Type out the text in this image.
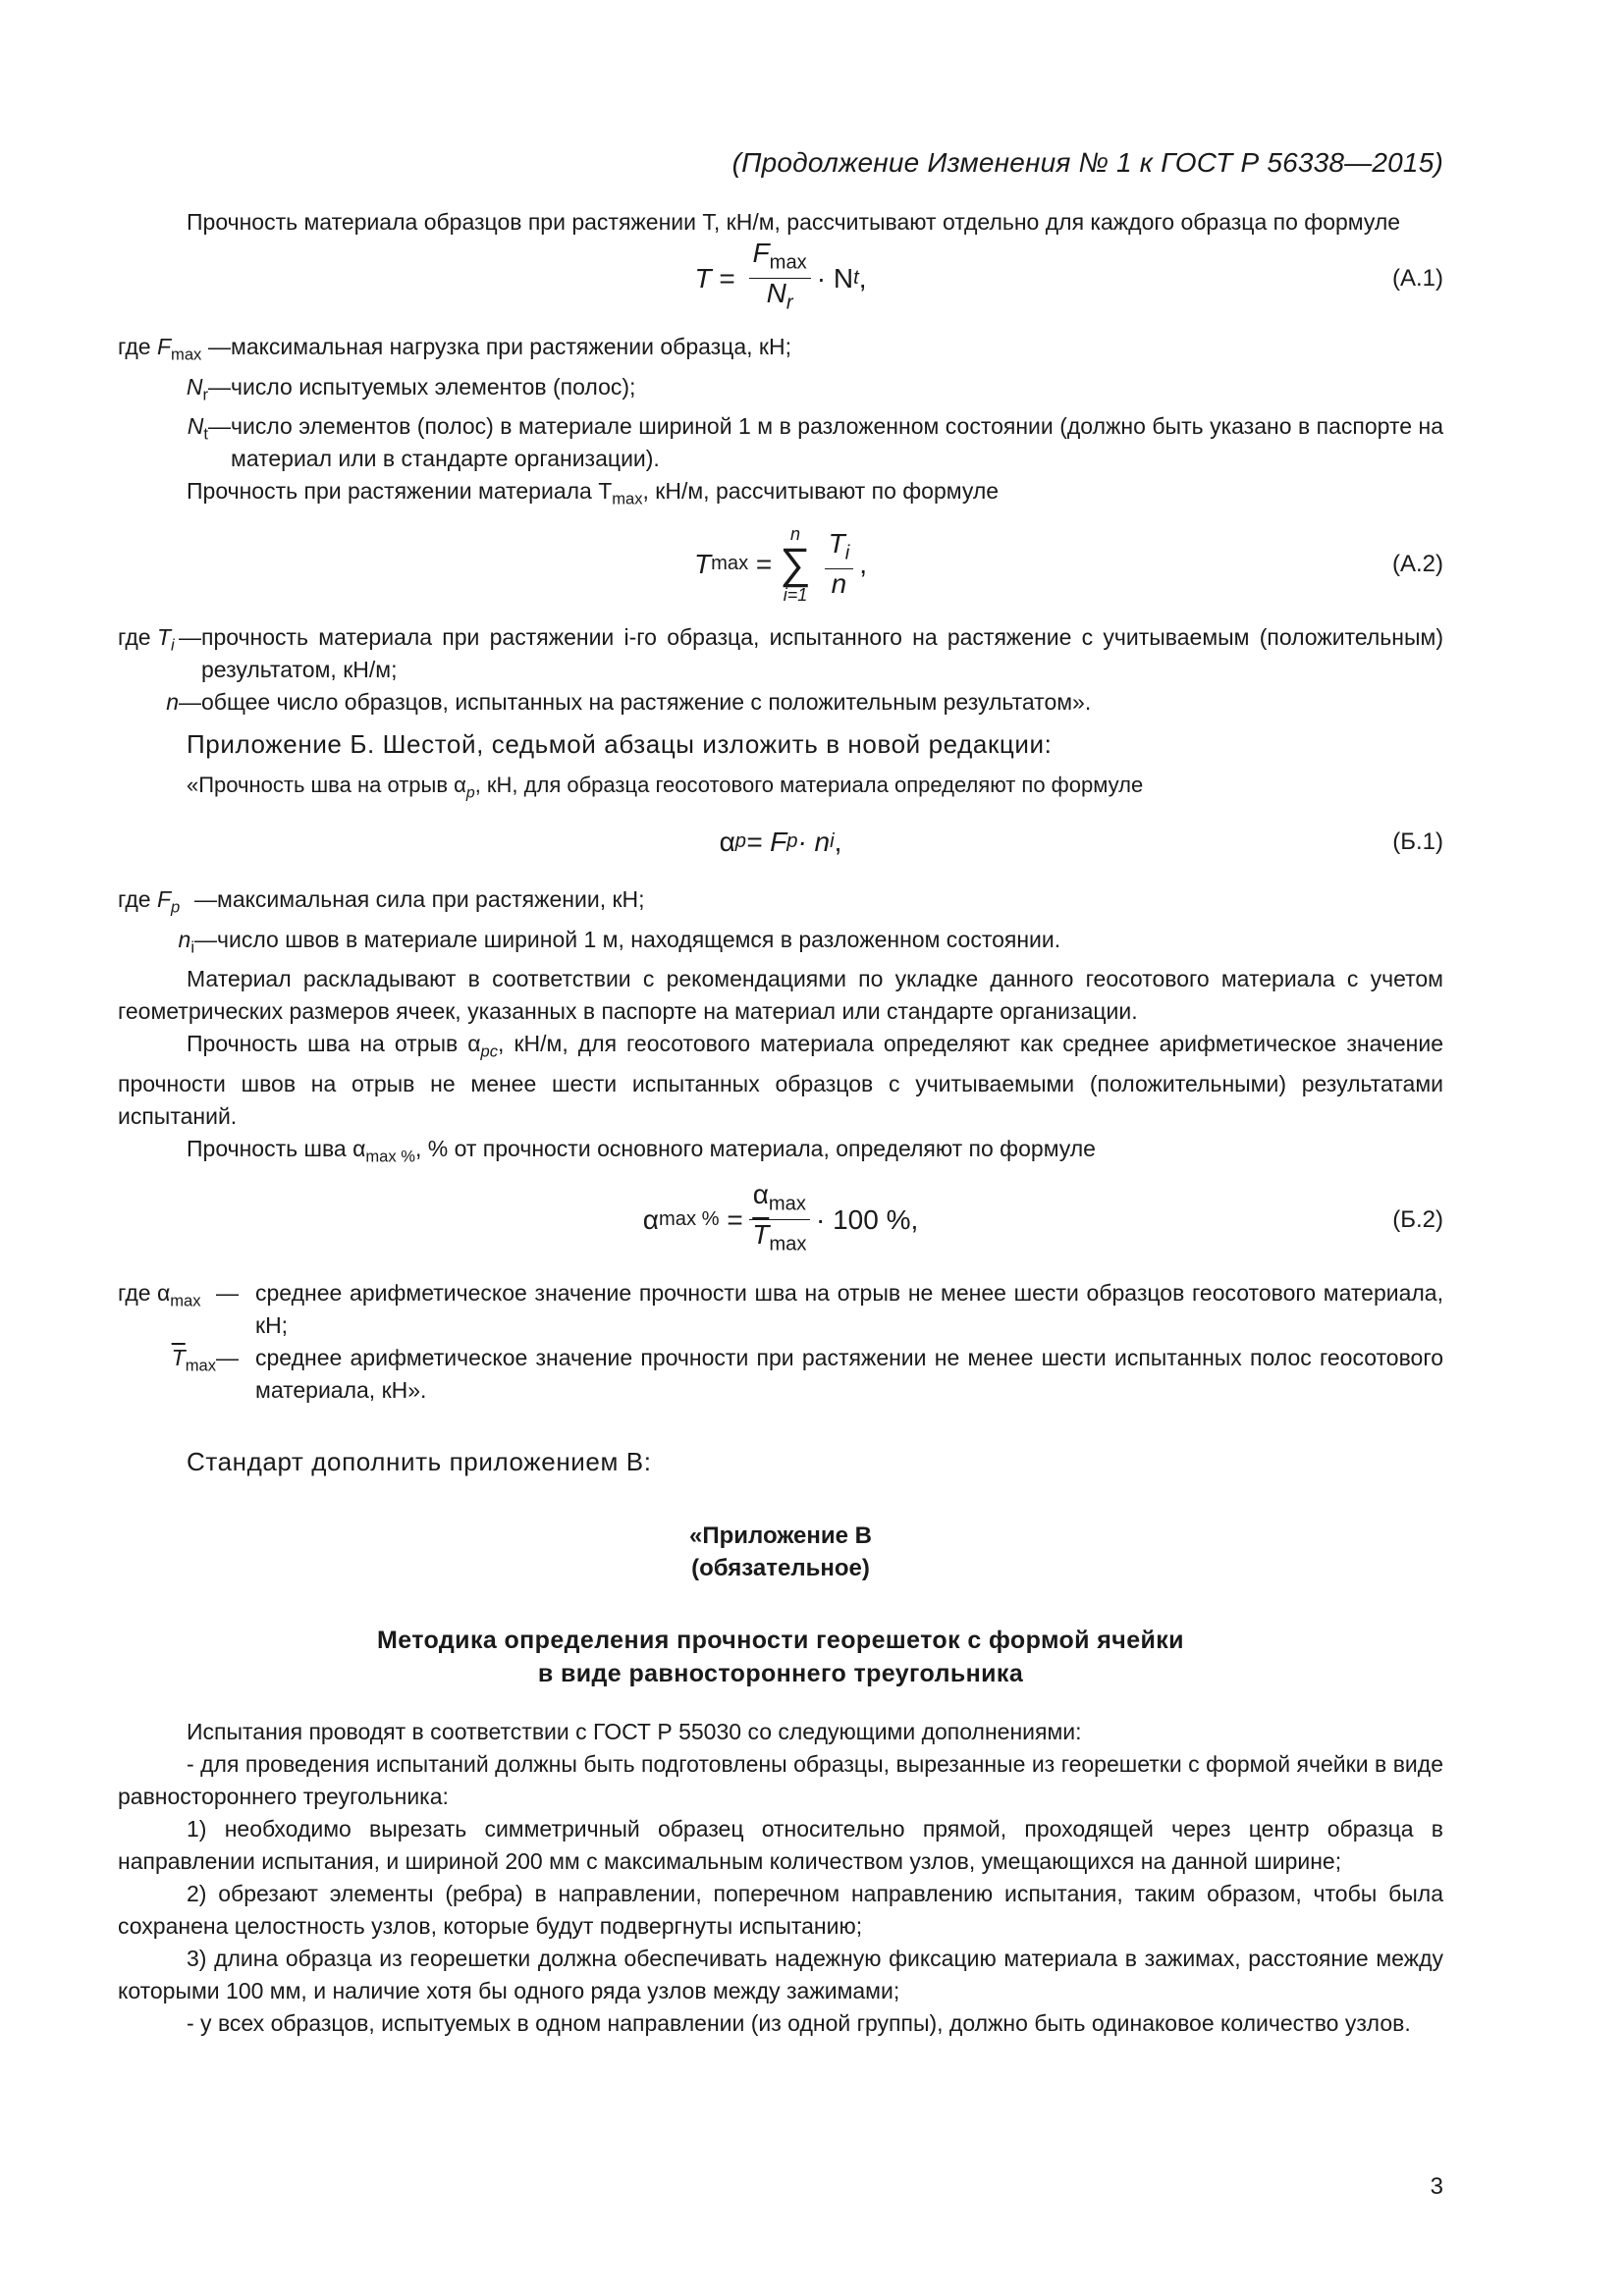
(Продолжение Изменения № 1 к ГОСТ Р 56338—2015)

Прочность материала образцов при растяжении T, кН/м, рассчитывают отдельно для каждого образца по формуле

$T = \frac{F_{max}}{N_r} \cdot N$ t ,	(А.1)
где $F_{max}$ — максимальная нагрузка при растяжении образца, кН;
$N_r$ — число испытуемых элементов (полос);
$N_t$ — число элементов (полос) в материале шириной 1 м в разложенном состоянии (должно быть указано в паспорте на материал или в стандарте организации).

Прочность при растяжении материала $T_{max}$, кН/м, рассчитывают по формуле

T max =
n
∑
$i=1 \frac{T_i}{n}$ ,	(А.2)
где $T_i$ — прочность материала при растяжении i-го образца, испытанного на растяжение с учитываемым (положительным) результатом, кН/м;
n — общее число образцов, испытанных на растяжение с положительным результатом».

Приложение Б. Шестой, седьмой абзацы изложить в новой редакции:

«Прочность шва на отрыв $\alpha_p$, кН, для образца геосотового материала определяют по формуле

α p = F p · n i ,	(Б.1)
где $F_p$ — максимальная сила при растяжении, кН;
$n_i$ — число швов в материале шириной 1 м, находящемся в разложенном состоянии.

Материал раскладывают в соответствии с рекомендациями по укладке данного геосотового материала с учетом геометрических размеров ячеек, указанных в паспорте на материал или стандарте организации.

Прочность шва на отрыв $\alpha_{pc}$, кН/м, для геосотового материала определяют как среднее арифметическое значение прочности швов на отрыв не менее шести испытанных образцов с учитываемыми (положительными) результатами испытаний.

Прочность шва $\alpha_{max \%}$, % от прочности основного материала, определяют по формуле

α max % = $\frac{\alpha_{max}}{\overline{T}_{max}} \cdot 100$ % ,	(Б.2)
где $\alpha_{max}$ — среднее арифметическое значение прочности шва на отрыв не менее шести образцов геосотового материала, кН;
$\overline{T}_{max}$ — среднее арифметическое значение прочности при растяжении не менее шести испытанных полос геосотового материала, кН».

Стандарт дополнить приложением В:

«Приложение В
(обязательное)
Методика определения прочности георешеток с формой ячейки
в виде равностороннего треугольника

Испытания проводят в соответствии с ГОСТ Р 55030 со следующими дополнениями:

- для проведения испытаний должны быть подготовлены образцы, вырезанные из георешетки с формой ячейки в виде равностороннего треугольника:

1) необходимо вырезать симметричный образец относительно прямой, проходящей через центр образца в направлении испытания, и шириной 200 мм с максимальным количеством узлов, умещающихся на данной ширине;

2) обрезают элементы (ребра) в направлении, поперечном направлению испытания, таким образом, чтобы была сохранена целостность узлов, которые будут подвергнуты испытанию;

3) длина образца из георешетки должна обеспечивать надежную фиксацию материала в зажимах, расстояние между которыми 100 мм, и наличие хотя бы одного ряда узлов между зажимами;

- у всех образцов, испытуемых в одном направлении (из одной группы), должно быть одинаковое количество узлов.

3
